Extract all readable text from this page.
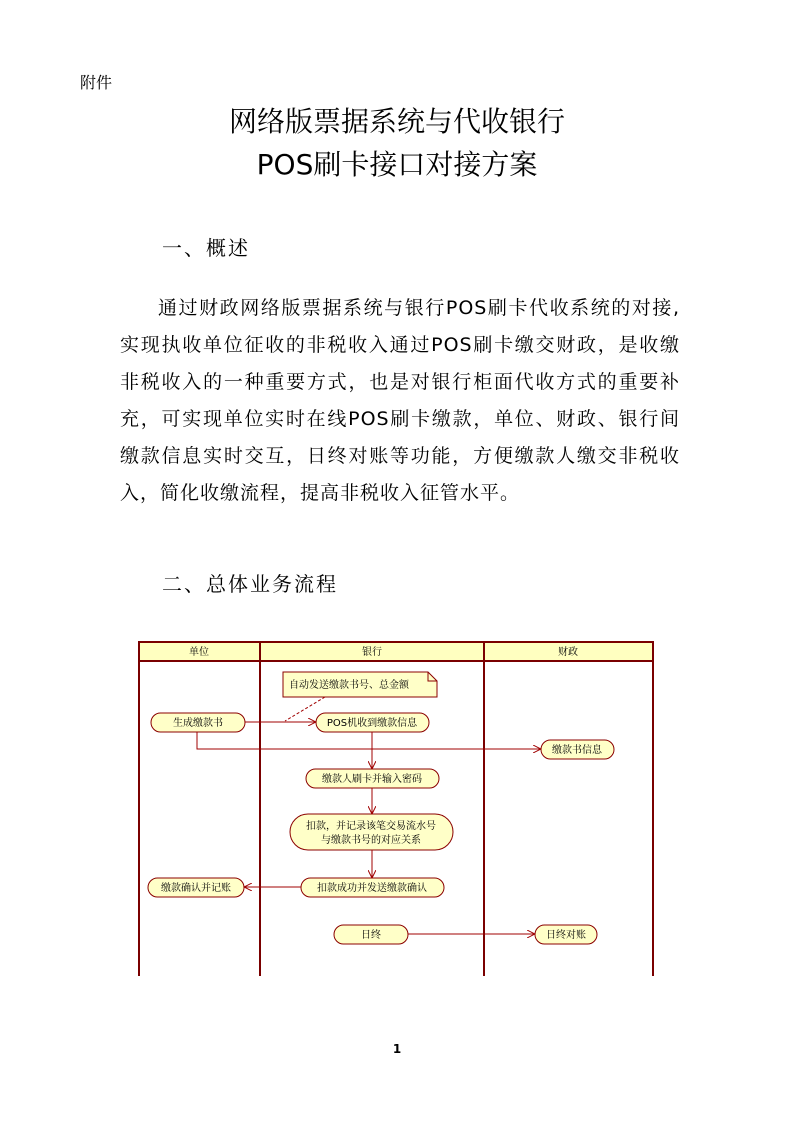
附件
网络版票据系统与代收银行
POS刷卡接口对接方案
一、概述

通过财政网络版票据系统与银行POS刷卡代收系统的对接,实现执收单位征收的非税收入通过POS刷卡缴交财政，是收缴非税收入的一种重要方式，也是对银行柜面代收方式的重要补充，可实现单位实时在线POS刷卡缴款，单位、财政、银行间缴款信息实时交互，日终对账等功能，方便缴款人缴交非税收入，简化收缴流程，提高非税收入征管水平。

二、总体业务流程
单位	银行	财政
自动发送缴款书号、总金额
生成缴款书	POS机收到缴款信息
缴款书信息
缴款人刷卡并输入密码
扣款，并记录该笔交易流水号
与缴款书号的对应关系
缴款确认并记账	扣款成功并发送缴款确认
日终	日终对账
1
